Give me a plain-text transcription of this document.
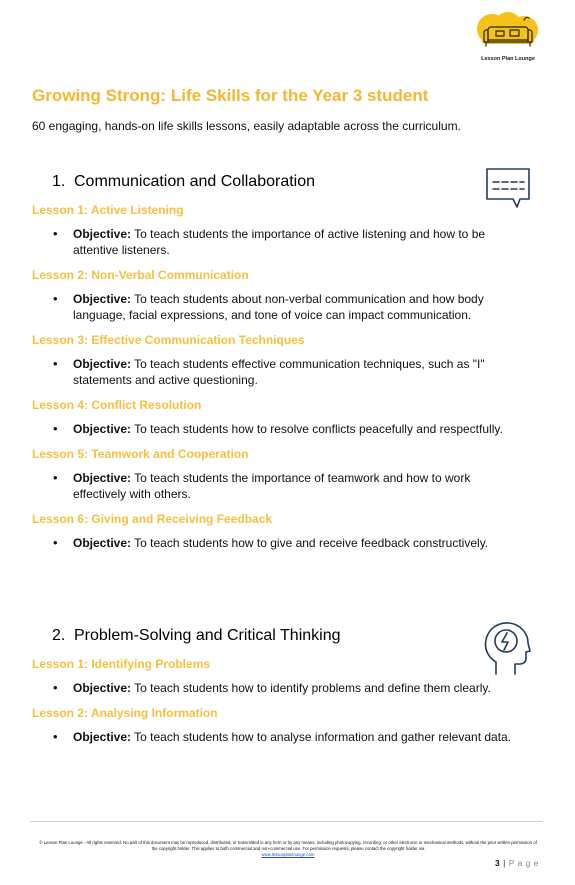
Lesson Plan Lounge
Growing Strong: Life Skills for the Year 3 student
60 engaging, hands-on life skills lessons, easily adaptable across the curriculum.
1. Communication and Collaboration
Lesson 1: Active Listening
• Objective: To teach students the importance of active listening and how to be attentive listeners.
Lesson 2: Non-Verbal Communication
• Objective: To teach students about non-verbal communication and how body language, facial expressions, and tone of voice can impact communication.
Lesson 3: Effective Communication Techniques
• Objective: To teach students effective communication techniques, such as "I" statements and active questioning.
Lesson 4: Conflict Resolution
• Objective: To teach students how to resolve conflicts peacefully and respectfully.
Lesson 5: Teamwork and Cooperation
• Objective: To teach students the importance of teamwork and how to work effectively with others.
Lesson 6: Giving and Receiving Feedback
• Objective: To teach students how to give and receive feedback constructively.
2. Problem-Solving and Critical Thinking
Lesson 1: Identifying Problems
• Objective: To teach students how to identify problems and define them clearly.
Lesson 2: Analysing Information
• Objective: To teach students how to analyse information and gather relevant data.
© Lesson Plan Lounge - All rights reserved. No part of this document may be reproduced, distributed, or transmitted in any form or by any means, including photocopying, recording, or other electronic or mechanical methods, without the prior written permission of the copyright holder. This applies to both commercial and non-commercial use. For permission requests, please contact the copyright holder via
www.lessonplanlounge.com
3 | P a g e
